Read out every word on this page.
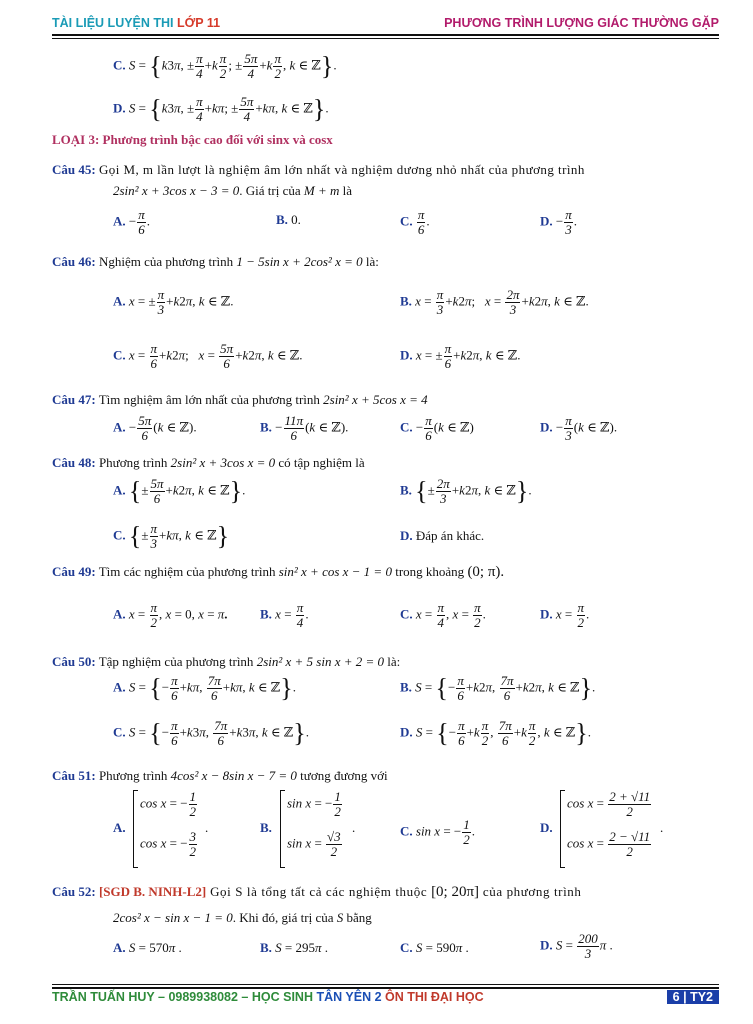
TÀI LIỆU LUYỆN THI LỚP 11	PHƯƠNG TRÌNH LƯỢNG GIÁC THƯỜNG GẶP
C. S = {k3π, ± $\frac{\pi}{4} +k \frac{\pi}{2}$ ; ± $\frac{5\pi}{4} +k \frac{\pi}{2}$ , k ∈ ℤ}.
D. S = {k3π, ± $\frac{\pi}{4} +k\pi$; ± $\frac{5\pi}{4} +k\pi$, k ∈ ℤ}.
LOẠI 3: Phương trình bậc cao đối với sinx và cosx
Câu 45: Gọi M, m lần lượt là nghiệm âm lớn nhất và nghiệm dương nhỏ nhất của phương trình
2sin² x + 3cos x − 3 = 0. Giá trị của M + m là
A. − $\frac{\pi}{6}$ .	B. 0.	C. $\frac{\pi}{6}$ .	D. − $\frac{\pi}{3}$ .
Câu 46: Nghiệm của phương trình 1 − 5sin x + 2cos² x = 0 là:
A. x = ± $\frac{\pi}{3} +k2\pi$, k ∈ ℤ.	B. $x = \frac{\pi}{3} +k2\pi$;   $x = \frac{2\pi}{3} +k2\pi$, k ∈ ℤ.
C. $x = \frac{\pi}{6} +k2\pi$;   $x = \frac{5\pi}{6} +k2\pi$, k ∈ ℤ.	D. x = ± $\frac{\pi}{6} +k2\pi$, k ∈ ℤ.
Câu 47: Tìm nghiệm âm lớn nhất của phương trình 2sin² x + 5cos x = 4
A. − $\frac{5\pi}{6} (k$ ∈ ℤ).	B. − $\frac{11\pi}{6} (k$ ∈ ℤ).	C. − $\frac{\pi}{6} (k$ ∈ ℤ)	D. − $\frac{\pi}{3} (k$ ∈ ℤ).
Câu 48: Phương trình 2sin² x + 3cos x = 0 có tập nghiệm là
A. {± $\frac{5\pi}{6} +k2\pi$, k ∈ ℤ}.	B. {± $\frac{2\pi}{3} +k2\pi$, k ∈ ℤ}.
C. {± $\frac{\pi}{3} +k\pi$, k ∈ ℤ}	D. Đáp án khác.
Câu 49: Tìm các nghiệm của phương trình sin² x + cos x − 1 = 0 trong khoảng (0; π).
A. $x = \frac{\pi}{2}$ , x = 0, x = π. B. $x = \frac{\pi}{4}$ .	C. $x = \frac{\pi}{4}$ , $x = \frac{\pi}{2}$ .	D. $x = \frac{\pi}{2}$ .
Câu 50: Tập nghiệm của phương trình 2sin² x + 5 sin x + 2 = 0 là:
A. S = {− $\frac{\pi}{6} +k\pi$, $\frac{7\pi}{6} +k\pi$, k ∈ ℤ}.	B. S = {− $\frac{\pi}{6} +k2\pi$, $\frac{7\pi}{6} +k2\pi$, k ∈ ℤ}.
C. S = {− $\frac{\pi}{6} +k3\pi$, $\frac{7\pi}{6} +k3\pi$, k ∈ ℤ}.	D. S = {− $\frac{\pi}{6} +k \frac{\pi}{2}$ , $\frac{7\pi}{6} +k \frac{\pi}{2}$ , k ∈ ℤ}.
Câu 51: Phương trình 4cos² x − 8sin x − 7 = 0 tương đương với
A.
cos x = − $\frac{1}{2}$
cos x = − $\frac{3}{2}$
.	B.
sin x = − $\frac{1}{2}$
$\sin x = \frac{√3}{2}$
.	C. sin x = − $\frac{1}{2}$ .	D.
$\cos x = \frac{2 + √11}{2}$
$\cos x = \frac{2 - √11}{2}$
.
Câu 52: [SGD B. NINH-L2] Gọi S là tổng tất cả các nghiệm thuộc [0; 20π] của phương trình
2cos² x − sin x − 1 = 0. Khi đó, giá trị của S bằng
A. S = 570π .	B. S = 295π .	C. S = 590π .	D. $S = \frac{200}{3}$ π .
TRẦN TUẤN HUY – 0989938082 – HỌC SINH TÂN YÊN 2 ÔN THI ĐẠI HỌC	6 | TY2
